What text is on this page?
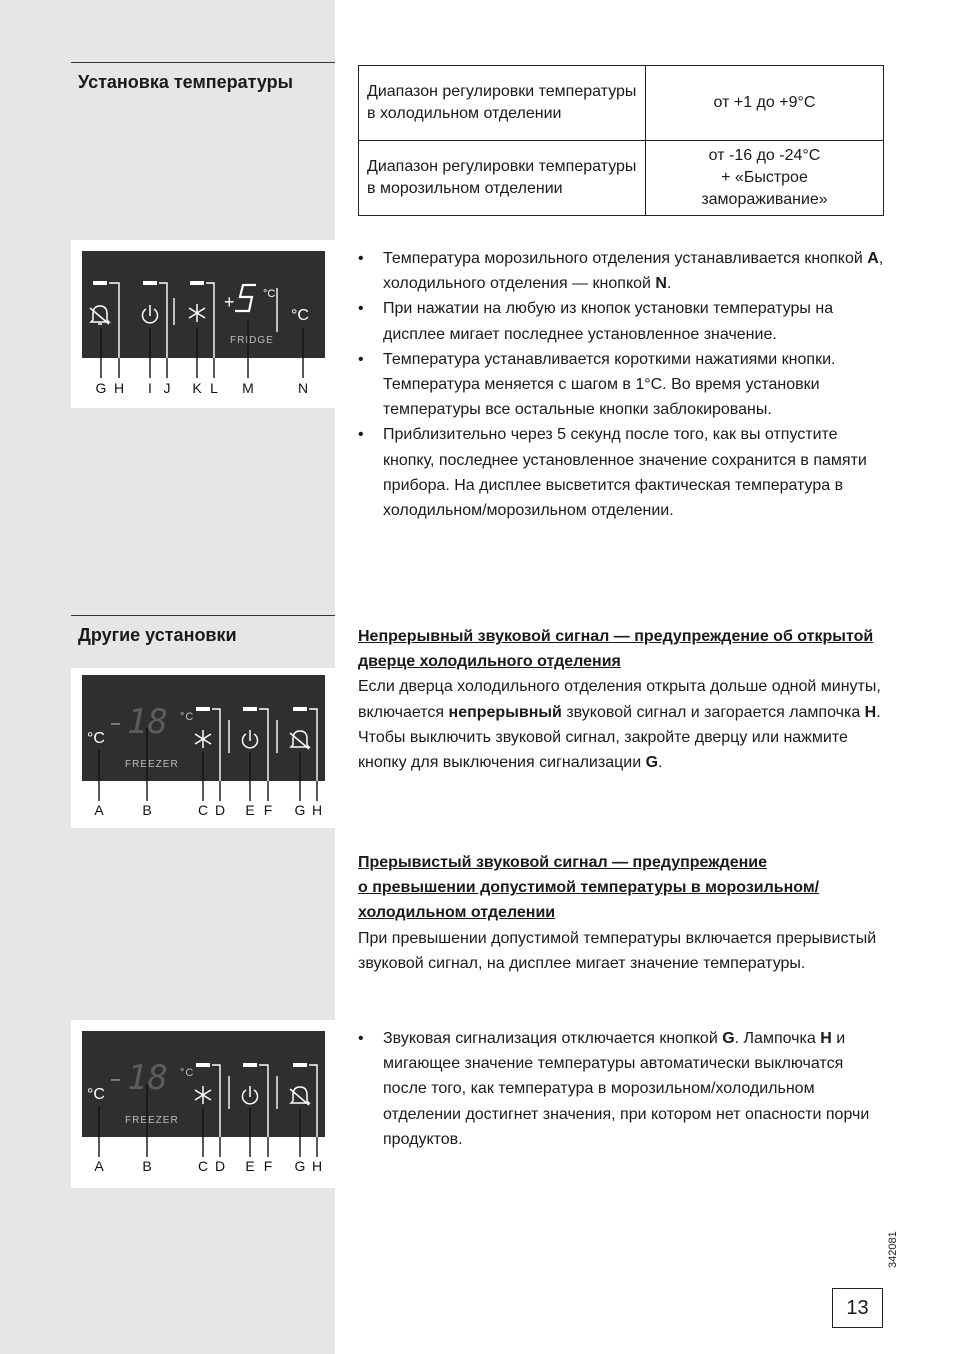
Установка температуры	Диапазон регулировки температуры в холодильном отделении	от +1 до +9°C

Диапазон регулировки температуры в морозильном отделении	от -16 до -24°C
+ «Быстрое
замораживание»
+	°C
FRIDGE
°C
G H I J K L M	N
• Температура морозильного отделения устанавливается кнопкой A, холодильного отделения — кнопкой N.
• При нажатии на любую из кнопок установки температуры на дисплее мигает последнее установленное значение.
• Температура устанавливается короткими нажатиями кнопки. Температура меняется с шагом в 1°C. Во время установки температуры все остальные кнопки заблокированы.
• Приблизительно через 5 секунд после того, как вы отпустите кнопку, последнее установленное значение сохранится в памяти прибора. На дисплее высветится фактическая температура в холодильном/морозильном отделении.
Другие установки
°C
– 18 °C
FREEZER
A	B	C D E F G H
Непрерывный звуковой сигнал — предупреждение об открытой дверце холодильного отделения
Если дверца холодильного отделения открыта дольше одной минуты, включается непрерывный звуковой сигнал и загорается лампочка H.
Чтобы выключить звуковой сигнал, закройте дверцу или нажмите кнопку для выключения сигнализации G.
Прерывистый звуковой сигнал — предупреждение
о превышении допустимой температуры в морозильном/
холодильном отделении
При превышении допустимой температуры включается прерывистый звуковой сигнал, на дисплее мигает значение температуры.
°C
– 18 °C
FREEZER
A	B	C D E F G H
• Звуковая сигнализация отключается кнопкой G. Лампочка H и мигающее значение температуры автоматически выключатся после того, как температура в морозильном/холодильном отделении достигнет значения, при котором нет опасности порчи продуктов.
342081
13
